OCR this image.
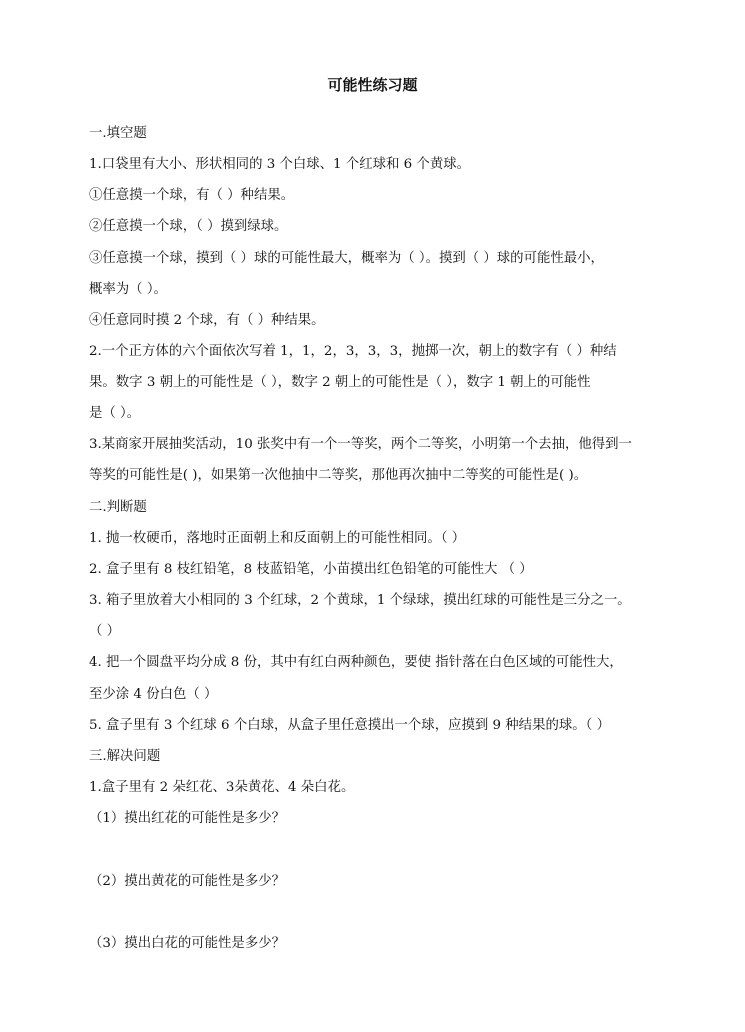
可能性练习题
一.填空题
1.口袋里有大小、形状相同的 3 个白球、1 个红球和 6 个黄球。
①任意摸一个球，有（ ）种结果。
②任意摸一个球，（ ）摸到绿球。
③任意摸一个球，摸到（ ）球的可能性最大，概率为（ ）。摸到（ ）球的可能性最小，
概率为（ ）。
④任意同时摸 2 个球，有（ ）种结果。
2.一个正方体的六个面依次写着 1，1，2，3，3，3，抛掷一次，朝上的数字有（ ）种结
果。数字 3 朝上的可能性是（ ），数字 2 朝上的可能性是（ ），数字 1 朝上的可能性
是（ ）。
3.某商家开展抽奖活动，10 张奖中有一个一等奖，两个二等奖，小明第一个去抽，他得到一
等奖的可能性是( )，如果第一次他抽中二等奖，那他再次抽中二等奖的可能性是( )。
二.判断题
1. 抛一枚硬币，落地时正面朝上和反面朝上的可能性相同。（ ）
2. 盒子里有 8 枝红铅笔，8 枝蓝铅笔，小苗摸出红色铅笔的可能性大 （ ）
3. 箱子里放着大小相同的 3 个红球，2 个黄球，1 个绿球，摸出红球的可能性是三分之一。
（ ）
4. 把一个圆盘平均分成 8 份，其中有红白两种颜色，要使 指针落在白色区域的可能性大，
至少涂 4 份白色（ ）
5. 盒子里有 3 个红球 6 个白球，从盒子里任意摸出一个球，应摸到 9 种结果的球。（ ）
三.解决问题
1.盒子里有 2 朵红花、3朵黄花、4 朵白花。
（1）摸出红花的可能性是多少？
（2）摸出黄花的可能性是多少？
（3）摸出白花的可能性是多少？
